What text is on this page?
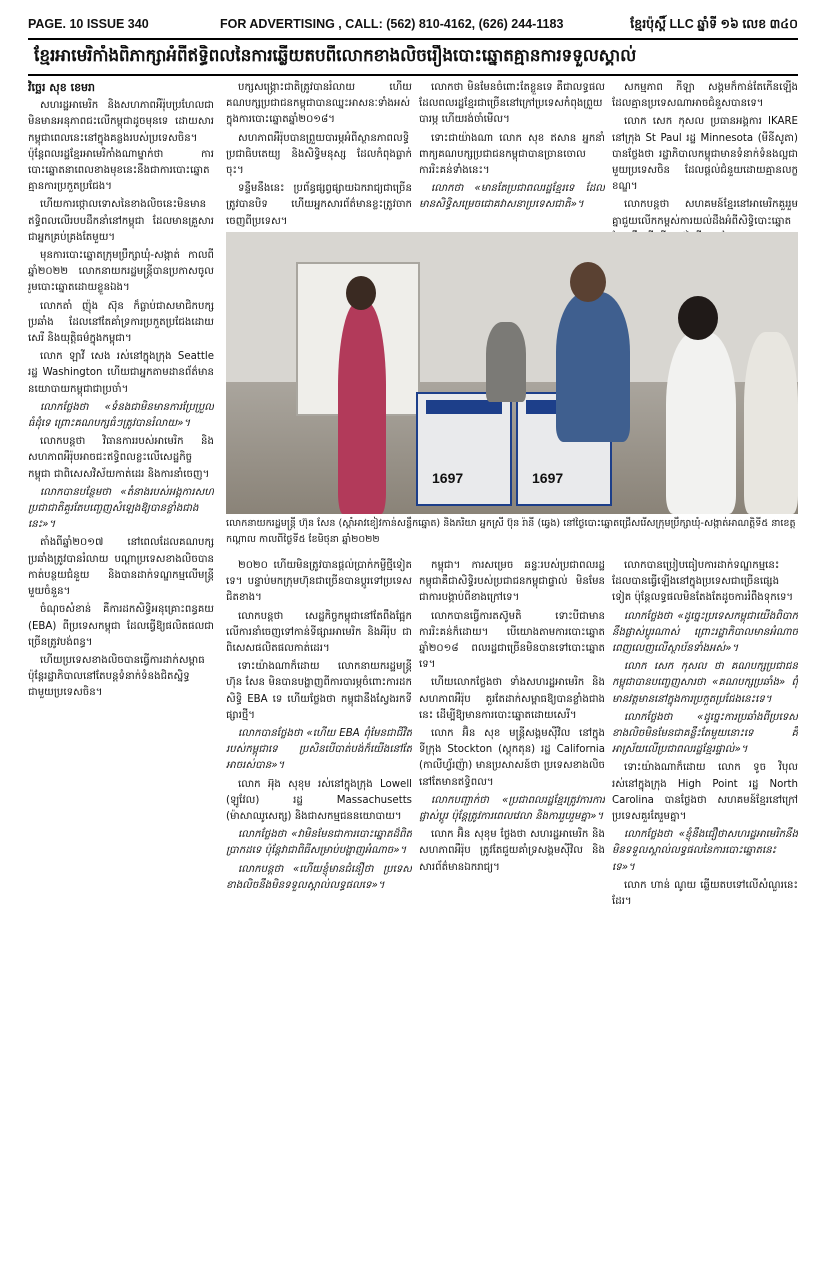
PAGE. 10 ISSUE 340	FOR ADVERTISING , CALL: (562) 810-4162, (626) 244-1183	ខ្មែរប៉ុស្តិ៍ LLC ឆ្នាំទី ១៦ លេខ ៣៤០
ខ្មែរអាមេរិកាំងពិភាក្សាអំពីឥទ្ធិពលនៃការឆ្លើយតបពីលោកខាងលិចរឿងបោះឆ្នោតគ្មានការទទួលស្គាល់

វិច្ឆេរ សុខ ខេមរា

សហរដ្ឋអាមេរិក និងសហភាពអឺរ៉ុបប្រហែលជាមិនមានអនុភាពជះលើកម្ពុជាដូចមុនទេ ដោយសារកម្ពុជាពេលនេះនៅក្នុងគន្លងរបស់ប្រទេសចិន។ ប៉ុន្តែពលរដ្ឋខ្មែរអាមេរិកាំងណាម្នាក់ថា ការបោះឆ្នោតនាពេលខាងមុខនេះនឹងជាការបោះឆ្នោតគ្មានការប្រកួតប្រជែង។

ហើយការថ្កោលទោសនៃខាងលិចនេះមិនមានឥទ្ធិពលលើរបបដឹកនាំនៅកម្ពុជា ដែលមានគ្រួសារជាអ្នកគ្រប់គ្រងតែមួយ។

មុនការបោះឆ្នោតក្រុមប្រឹក្សាឃុំ-សង្កាត់ កាលពីឆ្នាំ២០២២ លោកនាយករដ្ឋមន្ត្រីបានប្រកាសចូលរួមបោះឆ្នោតដោយខ្លួនឯង។

លោកតាំ ញ៉ុង ស៊ុន ក៏ធ្លាប់ជាសមាជិកបក្សប្រឆាំង ដែលនៅតែគាំទ្រការប្រកួតប្រជែងដោយសេរី និងយុត្តិធម៌ក្នុងកម្ពុជា។

លោក ឡាវី សេង រស់នៅក្នុងក្រុង Seattle រដ្ឋ Washington ហើយជាអ្នកតាមដានព័ត៌មាននយោបាយកម្ពុជាជាប្រចាំ។

លោកថ្លែងថា «ទំនងជាមិនមានការប្រែប្រួលធំដុំទេ ព្រោះគណបក្សធំៗត្រូវបានរំលាយ»។

លោកបន្តថា វិធានការរបស់អាមេរិក និងសហភាពអឺរ៉ុបអាចជះឥទ្ធិពលខ្លះលើសេដ្ឋកិច្ចកម្ពុជា ជាពិសេសវិស័យកាត់ដេរ និងការនាំចេញ។

លោកបានបន្ថែមថា «តំនាងរបស់អង្គការសហប្រជាជាតិគួរតែបញ្ចេញសំឡេងឱ្យបានខ្លាំងជាងនេះ»។

តាំងពីឆ្នាំ២០១៧ នៅពេលដែលគណបក្សប្រឆាំងត្រូវបានរំលាយ បណ្តាប្រទេសខាងលិចបានកាត់បន្ថយជំនួយ និងបានដាក់ទណ្ឌកម្មលើមន្ត្រីមួយចំនួន។

ចំណុចសំខាន់ គឺការដកសិទ្ធិអនុគ្រោះពន្ធគយ (EBA) ពីប្រទេសកម្ពុជា ដែលធ្វើឱ្យផលិតផលជាច្រើនត្រូវបង់ពន្ធ។

ហើយប្រទេសខាងលិចបានធ្វើការដាក់សម្ពាធ ប៉ុន្តែរដ្ឋាភិបាលនៅតែបន្តទំនាក់ទំនងជិតស្និទ្ធជាមួយប្រទេសចិន។

បក្សសង្គ្រោះជាតិត្រូវបានរំលាយ ហើយគណបក្សប្រជាជនកម្ពុជាបានឈ្នះអាសនៈទាំងអស់ក្នុងការបោះឆ្នោតឆ្នាំ២០១៨។

សហភាពអឺរ៉ុបបានព្រួយបារម្ភអំពីស្ថានភាពលទ្ធិប្រជាធិបតេយ្យ និងសិទ្ធិមនុស្ស ដែលកំពុងធ្លាក់ចុះ។

ទន្ទឹមនឹងនេះ ប្រព័ន្ធផ្សព្វផ្សាយឯករាជ្យជាច្រើនត្រូវបានបិទ ហើយអ្នកសារព័ត៌មានខ្លះត្រូវចាកចេញពីប្រទេស។

លោកថា មិនមែនចំពោះតែខ្លួនទេ គឺជាលទ្ធផលដែលពលរដ្ឋខ្មែរជាច្រើននៅក្រៅប្រទេសកំពុងព្រួយបារម្ភ ហើយរង់ចាំមើល។

ទោះជាយ៉ាងណា លោក សុខ ឥសាន អ្នកនាំពាក្យគណបក្សប្រជាជនកម្ពុជាបានច្រានចោលការរិះគន់ទាំងនេះ។

លោកថា «មានតែប្រជាពលរដ្ឋខ្មែរទេ ដែលមានសិទ្ធិសម្រេចជោគវាសនាប្រទេសជាតិ»។

សកម្មភាព កីឡា សង្គមក៏កាន់តែកើនឡើង ដែលគ្មានប្រទេសណាអាចជំនួសបានទេ។

លោក សេក កុសល ប្រធានអង្គការ IKARE នៅក្រុង St Paul រដ្ឋ Minnesota (មីនីសូតា) បានថ្លែងថា រដ្ឋាភិបាលកម្ពុជាមានទំនាក់ទំនងល្អជាមួយប្រទេសចិន ដែលផ្តល់ជំនួយដោយគ្មានលក្ខខណ្ឌ។

លោកបន្តថា សហគមន៍ខ្មែរនៅអាមេរិកគួររួមគ្នាជួយលើកកម្ពស់ការយល់ដឹងអំពីសិទ្ធិបោះឆ្នោត

1697	1697
លោកនាយករដ្ឋមន្ត្រី ហ៊ុន សែន (ស្តាំអាវខៀវកាន់សន្លឹកឆ្នោត) និងភរិយា អ្នកស្រី ប៊ុន រ៉ានី (ឆ្វេង) នៅថ្ងៃបោះឆ្នោតជ្រើសរើសក្រុមប្រឹក្សាឃុំ-សង្កាត់អាណត្តិទី៥ នាខេត្តកណ្តាល កាលពីថ្ងៃទី៥ ខែមិថុនា ឆ្នាំ២០២២

២០២០ ហើយមិនត្រូវបានផ្តល់ប្រាក់កម្ចីថ្មីទៀតទេ។ បន្ទាប់មកក្រុមហ៊ុនជាច្រើនបានប្តូរទៅប្រទេសជិតខាង។

លោកបន្តថា សេដ្ឋកិច្ចកម្ពុជានៅតែពឹងផ្អែកលើការនាំចេញទៅកាន់ទីផ្សារអាមេរិក និងអឺរ៉ុប ជាពិសេសផលិតផលកាត់ដេរ។

ទោះយ៉ាងណាក៏ដោយ លោកនាយករដ្ឋមន្ត្រី ហ៊ុន សែន មិនបានបង្ហាញពីការបារម្ភចំពោះការដកសិទ្ធិ EBA ទេ ហើយថ្លែងថា កម្ពុជានឹងស្វែងរកទីផ្សារថ្មី។

លោកបានថ្លែងថា «ហើយ EBA ពុំមែនជាជីវិតរបស់កម្ពុជាទេ ប្រសិនបើបាត់បង់ក៏យើងនៅតែអាចរស់បាន»។

លោក អ៊ុង សុខុម រស់នៅក្នុងក្រុង Lowell (ឡូវែល) រដ្ឋ Massachusetts (ម៉ាសាឈូសេត្ស) និងជាសកម្មជននយោបាយ។

លោកថ្លែងថា «វាមិនមែនជាការបោះឆ្នោតដ៏ពិតប្រាកដទេ ប៉ុន្តែវាជាពិធីសម្រាប់បង្ហាញអំណាច»។

លោកបន្តថា «ហើយខ្ញុំមានជំនឿថា ប្រទេសខាងលិចនឹងមិនទទួលស្គាល់លទ្ធផលទេ»។

កម្ពុជា។ ការសម្រេច ឆន្ទៈរបស់ប្រជាពលរដ្ឋកម្ពុជាគឺជាសិទ្ធិរបស់ប្រជាជនកម្ពុជាផ្ទាល់ មិនមែនជាការបង្គាប់ពីខាងក្រៅទេ។

លោកបានធ្វើការតស៊ូមតិ ទោះបីជាមានការរិះគន់ក៏ដោយ។ បើយោងតាមការបោះឆ្នោតឆ្នាំ២០១៨ ពលរដ្ឋជាច្រើនមិនបានទៅបោះឆ្នោតទេ។

ហើយលោកថ្លែងថា ទាំងសហរដ្ឋអាមេរិក និងសហភាពអឺរ៉ុប គួរតែដាក់សម្ពាធឱ្យបានខ្លាំងជាងនេះ ដើម្បីឱ្យមានការបោះឆ្នោតដោយសេរី។

លោក អ៊ិន សុខ មន្ត្រីសង្គមស៊ីវិល នៅក្នុងទីក្រុង Stockton (ស្តុកតុន) រដ្ឋ California (កាលីហ្វ័រញ៉ា) មានប្រសាសន៍ថា ប្រទេសខាងលិចនៅតែមានឥទ្ធិពល។

លោកបញ្ជាក់ថា «ប្រជាពលរដ្ឋខ្មែរត្រូវការការផ្លាស់ប្តូរ ប៉ុន្តែត្រូវការពេលវេលា និងការរួបរួមគ្នា»។

លោក អ៊ិន សុខុម ថ្លែងថា សហរដ្ឋអាមេរិក និងសហភាពអឺរ៉ុប ត្រូវតែជួយគាំទ្រសង្គមស៊ីវិល និងសារព័ត៌មានឯករាជ្យ។

លោកបានប្រៀបធៀបការដាក់ទណ្ឌកម្មនេះ ដែលបានធ្វើឡើងនៅក្នុងប្រទេសជាច្រើនផ្សេងទៀត ប៉ុន្តែលទ្ធផលមិនតែងតែដូចការរំពឹងទុកទេ។

លោកថ្លែងថា «ដូច្នេះប្រទេសកម្ពុជាយើងពិបាកនឹងផ្លាស់ប្តូរណាស់ ព្រោះរដ្ឋាភិបាលមានអំណាចពេញលេញលើស្ថាប័នទាំងអស់»។

លោក សេក កុសល ថា គណបក្សប្រជាជនកម្ពុជាបានបញ្ចេញសារថា «គណបក្សប្រឆាំង» ពុំមានវត្តមាននៅក្នុងការប្រកួតប្រជែងនេះទេ។

លោកថ្លែងថា «ដូច្នេះការប្រឆាំងពីប្រទេសខាងលិចមិនមែនជាគន្លឹះតែមួយនោះទេ គឺអាស្រ័យលើប្រជាពលរដ្ឋខ្មែរផ្ទាល់»។

ទោះយ៉ាងណាក៏ដោយ លោក ទូច វិបុល រស់នៅក្នុងក្រុង High Point រដ្ឋ North Carolina បានថ្លែងថា សហគមន៍ខ្មែរនៅក្រៅប្រទេសគួរតែរួមគ្នា។

លោកថ្លែងថា «ខ្ញុំនឹងជឿថាសហរដ្ឋអាមេរិកនឹងមិនទទួលស្គាល់លទ្ធផលនៃការបោះឆ្នោតនេះទេ»។

លោក ហាន់ ណូយ ឆ្លើយតបទៅលើសំណួរនេះដែរ។
